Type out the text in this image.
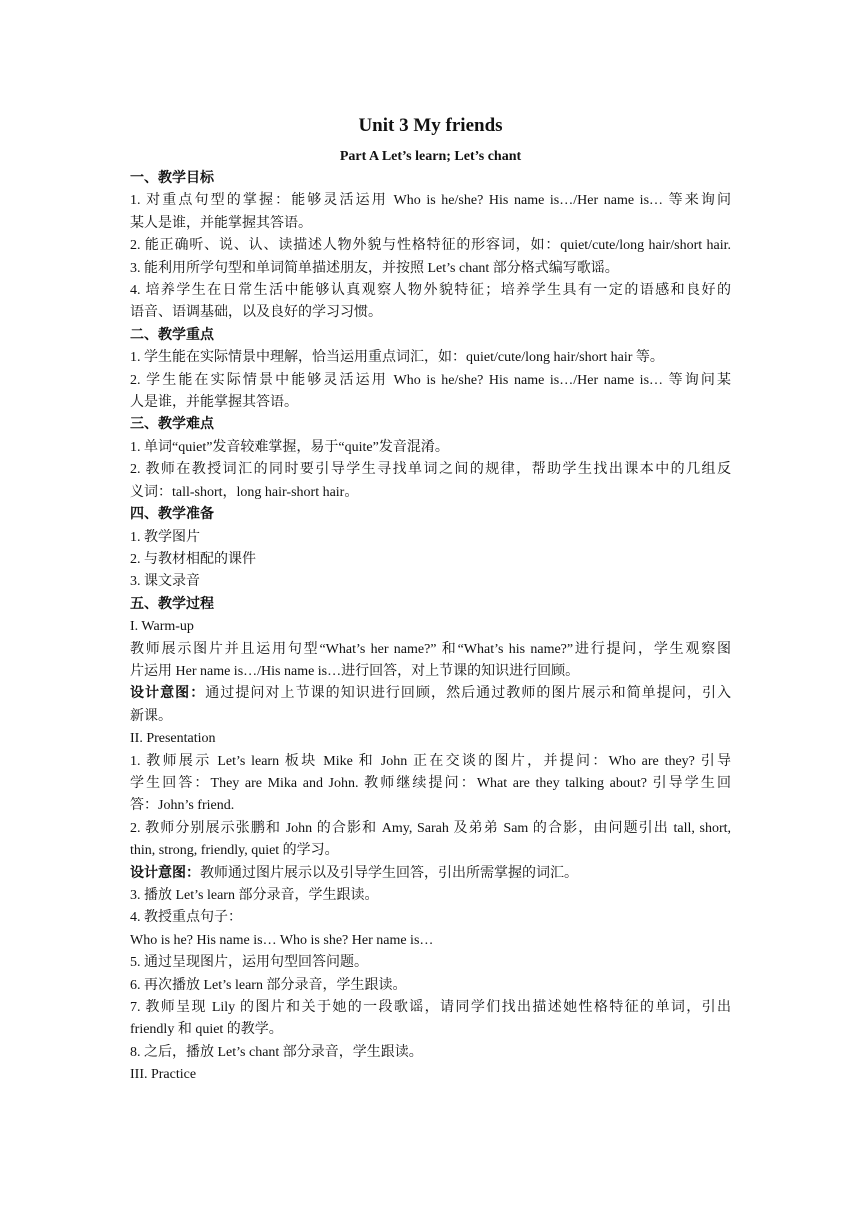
Unit 3 My friends
Part A Let’s learn; Let’s chant
一、教学目标
1. 对重点句型的掌握：能够灵活运用 Who is he/she? His name is…/Her name is… 等来询问
某人是谁，并能掌握其答语。
2. 能正确听、说、认、读描述人物外貌与性格特征的形容词，如：quiet/cute/long hair/short hair.
3. 能利用所学句型和单词简单描述朋友，并按照 Let’s chant 部分格式编写歌谣。
4. 培养学生在日常生活中能够认真观察人物外貌特征；培养学生具有一定的语感和良好的
语音、语调基础，以及良好的学习习惯。
二、教学重点
1. 学生能在实际情景中理解，恰当运用重点词汇，如：quiet/cute/long hair/short hair 等。
2. 学生能在实际情景中能够灵活运用 Who is he/she? His name is…/Her name is… 等询问某
人是谁，并能掌握其答语。
三、教学难点
1. 单词“quiet”发音较难掌握，易于“quite”发音混淆。
2. 教师在教授词汇的同时要引导学生寻找单词之间的规律，帮助学生找出课本中的几组反
义词：tall-short，long hair-short hair。
四、教学准备
1. 教学图片
2. 与教材相配的课件
3. 课文录音
五、教学过程
I. Warm-up
教师展示图片并且运用句型“What’s her name?” 和“What’s his name?”进行提问，学生观察图
片运用 Her name is…/His name is…进行回答，对上节课的知识进行回顾。
设计意图：通过提问对上节课的知识进行回顾，然后通过教师的图片展示和简单提问，引入
新课。
II. Presentation
1. 教师展示 Let’s learn 板块 Mike 和 John 正在交谈的图片，并提问：Who are they? 引导
学生回答：They are Mika and John. 教师继续提问：What are they talking about? 引导学生回
答：John’s friend.
2. 教师分别展示张鹏和 John 的合影和 Amy, Sarah 及弟弟 Sam 的合影，由问题引出 tall, short,
thin, strong, friendly, quiet 的学习。
设计意图：教师通过图片展示以及引导学生回答，引出所需掌握的词汇。
3. 播放 Let’s learn 部分录音，学生跟读。
4. 教授重点句子：
Who is he? His name is… Who is she? Her name is…
5. 通过呈现图片，运用句型回答问题。
6. 再次播放 Let’s learn 部分录音，学生跟读。
7. 教师呈现 Lily 的图片和关于她的一段歌谣，请同学们找出描述她性格特征的单词，引出
friendly 和 quiet 的教学。
8. 之后，播放 Let’s chant 部分录音，学生跟读。
III. Practice
